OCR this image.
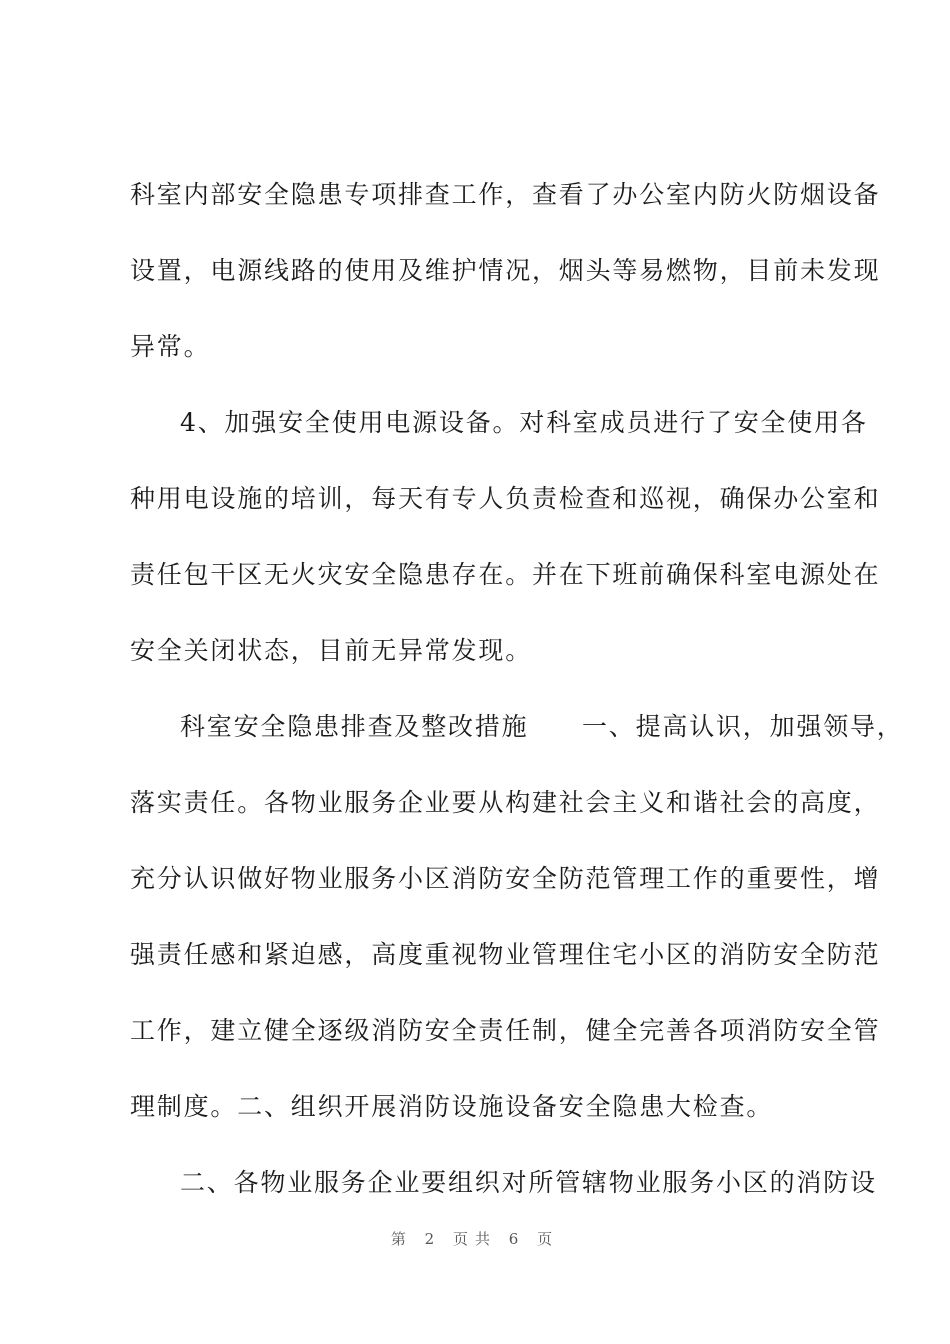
科室内部安全隐患专项排查工作，查看了办公室内防火防烟设备
设置，电源线路的使用及维护情况，烟头等易燃物，目前未发现
异常。
4、加强安全使用电源设备。对科室成员进行了安全使用各
种用电设施的培训，每天有专人负责检查和巡视，确保办公室和
责任包干区无火灾安全隐患存在。并在下班前确保科室电源处在
安全关闭状态，目前无异常发现。
科室安全隐患排查及整改措施　　一、提高认识，加强领导，
落实责任。各物业服务企业要从构建社会主义和谐社会的高度，
充分认识做好物业服务小区消防安全防范管理工作的重要性，增
强责任感和紧迫感，高度重视物业管理住宅小区的消防安全防范
工作，建立健全逐级消防安全责任制，健全完善各项消防安全管
理制度。二、组织开展消防设施设备安全隐患大检查。
二、各物业服务企业要组织对所管辖物业服务小区的消防设
第 2 页共 6 页
